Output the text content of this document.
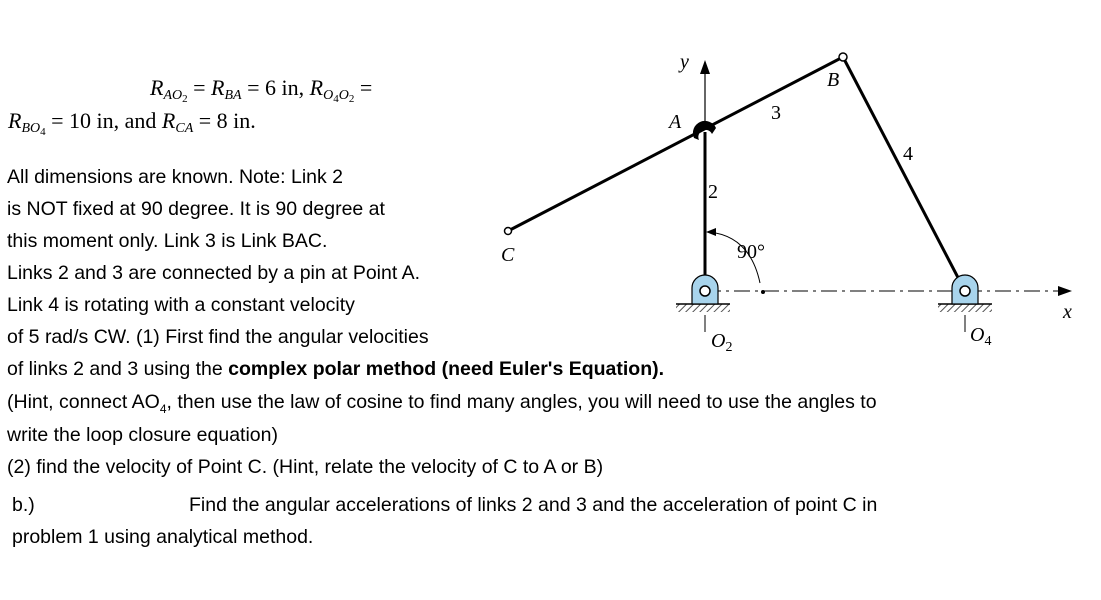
$R_{AO_2} = R_{BA} = 6$ in, $R_{O_4O_2}$ =
$R_{BO_4} = 10$ in, and $R_{CA} = 8$ in.
All dimensions are known. Note: Link 2
is NOT fixed at 90 degree. It is 90 degree at
this moment only. Link 3 is Link BAC.
Links 2 and 3 are connected by a pin at Point A.
Link 4 is rotating with a constant velocity
of 5 rad/s CW. (1) First find the angular velocities
of links 2 and 3 using the complex polar method (need Euler's Equation).
(Hint, connect $AO_4$, then use the law of cosine to find many angles, you will need to use the angles to
write the loop closure equation)
(2) find the velocity of Point C. (Hint, relate the velocity of C to A or B)
b.)	Find the angular accelerations of links 2 and 3 and the acceleration of point C in
problem 1 using analytical method.
y
x
A
B
C
2
3
4
90°
$O_2$
$O_4$
